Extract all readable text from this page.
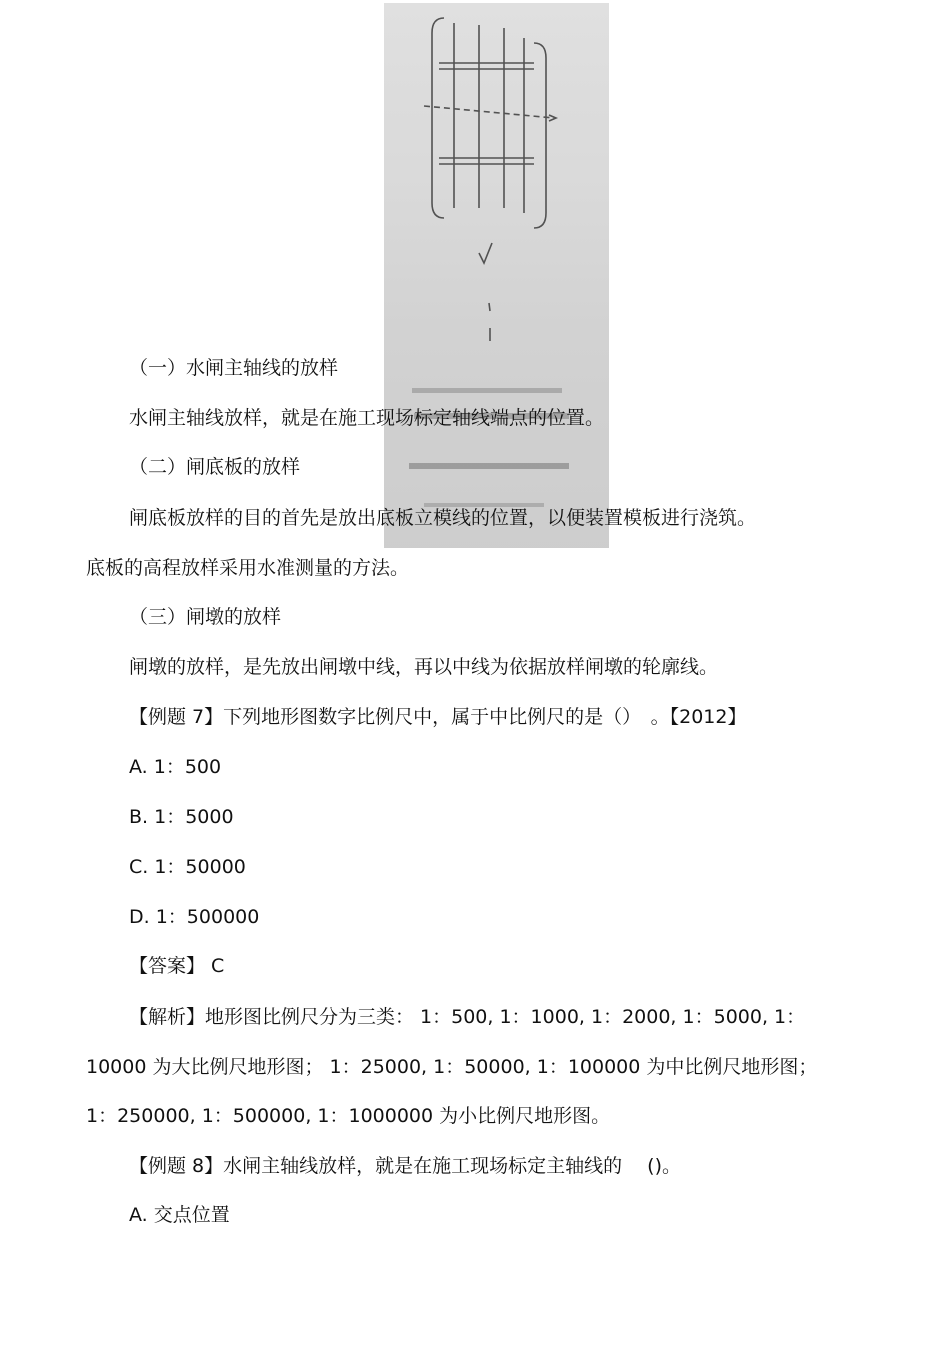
（一）水闸主轴线的放样
水闸主轴线放样，就是在施工现场标定轴线端点的位置。
（二）闸底板的放样
闸底板放样的目的首先是放出底板立模线的位置，以便装置模板进行浇筑。
底板的高程放样采用水准测量的方法。
（三）闸墩的放样
闸墩的放样，是先放出闸墩中线，再以中线为依据放样闸墩的轮廓线。
【例题 7】下列地形图数字比例尺中，属于中比例尺的是（）　。【2012】
A. 1：500
B. 1：5000
C. 1：50000
D. 1：500000
【答案】 C
【解析】地形图比例尺分为三类： 1：500, 1：1000, 1：2000, 1：5000, 1：
10000 为大比例尺地形图； 1：25000, 1：50000, 1：100000 为中比例尺地形图；
1：250000, 1：500000, 1：1000000 为小比例尺地形图。
【例题 8】水闸主轴线放样，就是在施工现场标定主轴线的　 ()。
A. 交点位置
